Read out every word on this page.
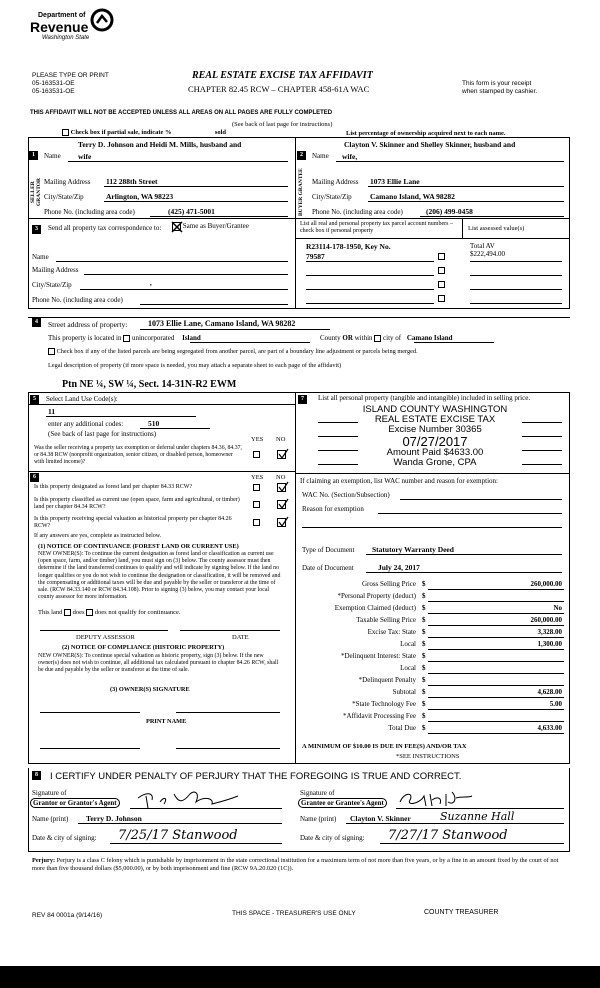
Department of
Revenue
Washington State
PLEASE TYPE OR PRINT
05-163531-OE
05-163531-OE
REAL ESTATE EXCISE TAX AFFIDAVIT
CHAPTER 82.45 RCW – CHAPTER 458-61A WAC
This form is your receipt
when stamped by cashier.
THIS AFFIDAVIT WILL NOT BE ACCEPTED UNLESS ALL AREAS ON ALL PAGES ARE FULLY COMPLETED
(See back of last page for instructions)
Check box if partial sale, indicate %	sold	List percentage of ownership acquired next to each name.
1
SELLER GRANTOR
Terry D. Johnson and Heidi M. Mills, husband and
Name wife
Mailing Address 112 288th Street
City/State/Zip	Arlington, WA 98223
Phone No. (including area code)	(425) 471-5001
2
BUYER GRANTEE
Clayton V. Skinner and Shelley Skinner, husband and
Name wife,
Mailing Address 1073 Ellie Lane
City/State/Zip Camano Island, WA 98282
Phone No. (including area code)	(206) 499-0458
3	Send all property tax correspondence to:	Same as Buyer/Grantee
Name
Mailing Address
City/State/Zip	,
Phone No. (including area code)
List all real and personal property tax parcel account numbers – check box if personal property	List assessed value(s)
R23114-178-1950, Key No.
79587
Total AV
$222,494.00
4	Street address of property:	1073 Ellie Lane, Camano Island, WA 98282
This property is located in unincorporated Island	County OR within city of Camano Island
Check box if any of the listed parcels are being segregated from another parcel, are part of a boundary line adjustment or parcels being merged.
Legal description of property (if more space is needed, you may attach a separate sheet to each page of the affidavit)
Ptn NE ¼, SW ¼, Sect. 14-31N-R2 EWM
5	Select Land Use Code(s):
11
enter any additional codes:	510
(See back of last page for instructions)
YES NO
Was the seller receiving a property tax exemption or deferral under chapters 84.36, 84.37, or 84.38 RCW (nonprofit organization, senior citizen, or disabled person, homeowner with limited income)?
6	YES NO
Is this property designated as forest land per chapter 84.33 RCW?
Is this property classified as current use (open space, farm and agricultural, or timber) land per chapter 84.34 RCW?
Is this property receiving special valuation as historical property per chapter 84.26 RCW?
If any answers are yes, complete as instructed below.
(1) NOTICE OF CONTINUANCE (FOREST LAND OR CURRENT USE)
NEW OWNER(S): To continue the current designation as forest land or classification as current use (open space, farm, and/or timber) land, you must sign on (3) below. The county assessor must then determine if the land transferred continues to qualify and will indicate by signing below. If the land no longer qualifies or you do not wish to continue the designation or classification, it will be removed and the compensating or additional taxes will be due and payable by the seller or transferor at the time of sale. (RCW 84.33.140 or RCW 84.34.108). Prior to signing (3) below, you may contact your local county assessor for more information.
This land does does not qualify for continuance.
DEPUTY ASSESSOR	DATE
(2) NOTICE OF COMPLIANCE (HISTORIC PROPERTY)
NEW OWNER(S): To continue special valuation as historic property, sign (3) below. If the new owner(s) does not wish to continue, all additional tax calculated pursuant to chapter 84.26 RCW, shall be due and payable by the seller or transferor at the time of sale.
(3) OWNER(S) SIGNATURE
PRINT NAME
7	List all personal property (tangible and intangible) included in selling price.
ISLAND COUNTY WASHINGTON
REAL ESTATE EXCISE TAX
Excise Number 30365
07/27/2017
Amount Paid $4633.00
Wanda Grone, CPA
If claiming an exemption, list WAC number and reason for exemption:
WAC No. (Section/Subsection)
Reason for exemption
Type of Document Statutory Warranty Deed
Date of Document	July 24, 2017
Gross Selling Price $	260,000.00
*Personal Property (deduct) $
Exemption Claimed (deduct) $	No
Taxable Selling Price $	260,000.00
Excise Tax: State $	3,328.00
Local $	1,300.00
*Delinquent Interest: State $
Local $
*Delinquent Penalty $
Subtotal $	4,628.00
*State Technology Fee $	5.00
*Affidavit Processing Fee $
Total Due $	4,633.00
A MINIMUM OF $10.00 IS DUE IN FEE(S) AND/OR TAX
*SEE INSTRUCTIONS
8	I CERTIFY UNDER PENALTY OF PERJURY THAT THE FOREGOING IS TRUE AND CORRECT.
Signature of
Grantor or Grantor's Agent
Name (print) Terry D. Johnson
Date & city of signing: 7/25/17 Stanwood
Signature of
Grantee or Grantee's Agent
Name (print) Clayton V. Skinner	Suzanne Hall
Date & city of signing: 7/27/17 Stanwood
Perjury: Perjury is a class C felony which is punishable by imprisonment in the state correctional institution for a maximum term of not more than five years, or by a fine in an amount fixed by the court of not more than five thousand dollars ($5,000.00), or by both imprisonment and fine (RCW 9A.20.020 (1C)).
REV 84 0001a (9/14/16)	THIS SPACE - TREASURER'S USE ONLY	COUNTY TREASURER
